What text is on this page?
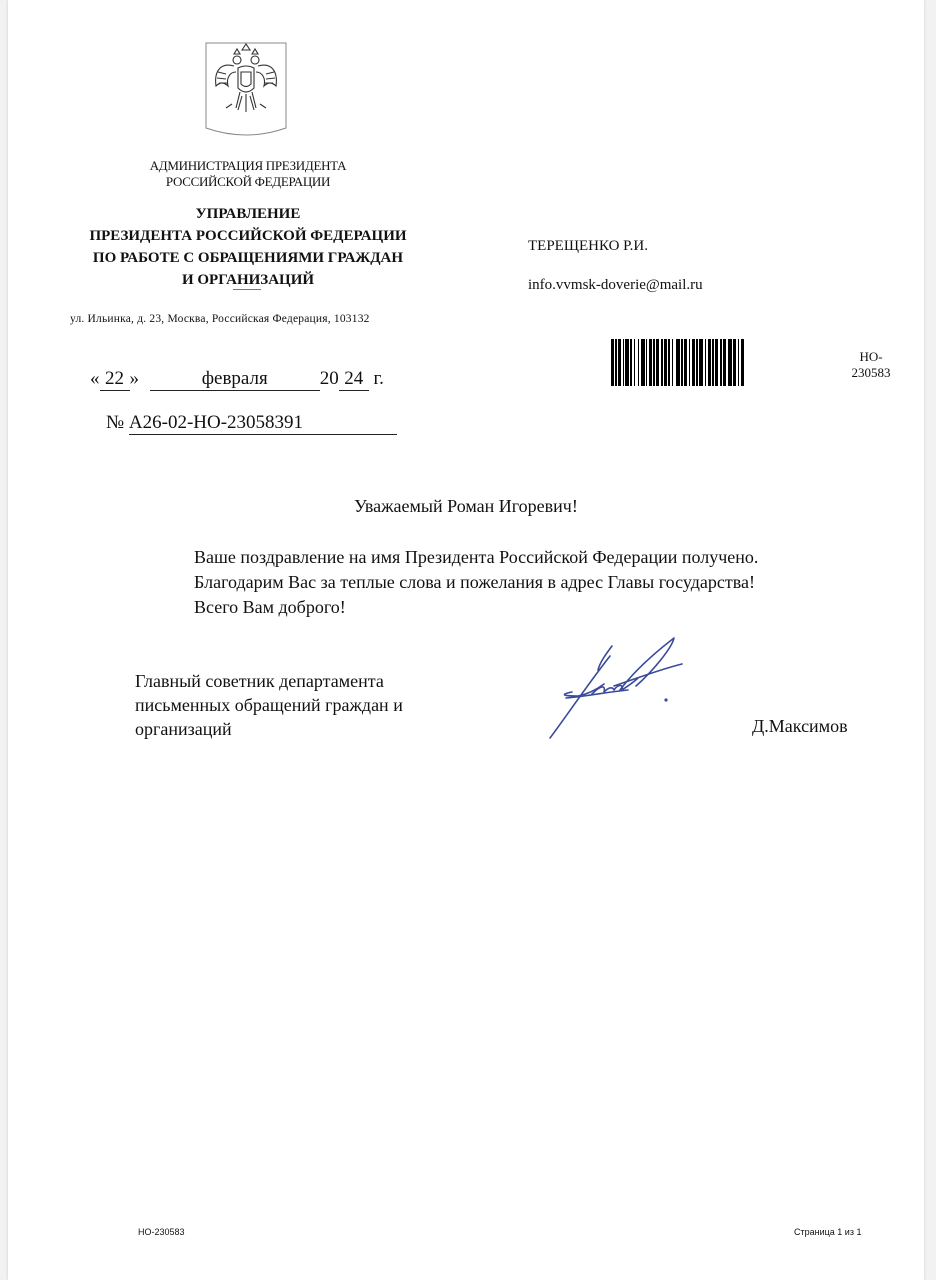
АДМИНИСТРАЦИЯ ПРЕЗИДЕНТА
РОССИЙСКОЙ ФЕДЕРАЦИИ
УПРАВЛЕНИЕ
ПРЕЗИДЕНТА РОССИЙСКОЙ ФЕДЕРАЦИИ
ПО РАБОТЕ С ОБРАЩЕНИЯМИ ГРАЖДАН
И ОРГАНИЗАЦИЙ
ул. Ильинка, д. 23, Москва, Российская Федерация, 103132
ТЕРЕЩЕНКО Р.И.
info.vvmsk-doverie@mail.ru
НО-
230583
« 22 »	февраля	20 24 г.
№ А26-02-НО-23058391
Уважаемый Роман Игоревич!
Ваше поздравление на имя Президента Российской Федерации получено.
Благодарим Вас за теплые слова и пожелания в адрес Главы государства!
Всего Вам доброго!
Главный советник департамента
письменных обращений граждан и
организаций	Д.Максимов
НО-230583	Страница 1 из 1
